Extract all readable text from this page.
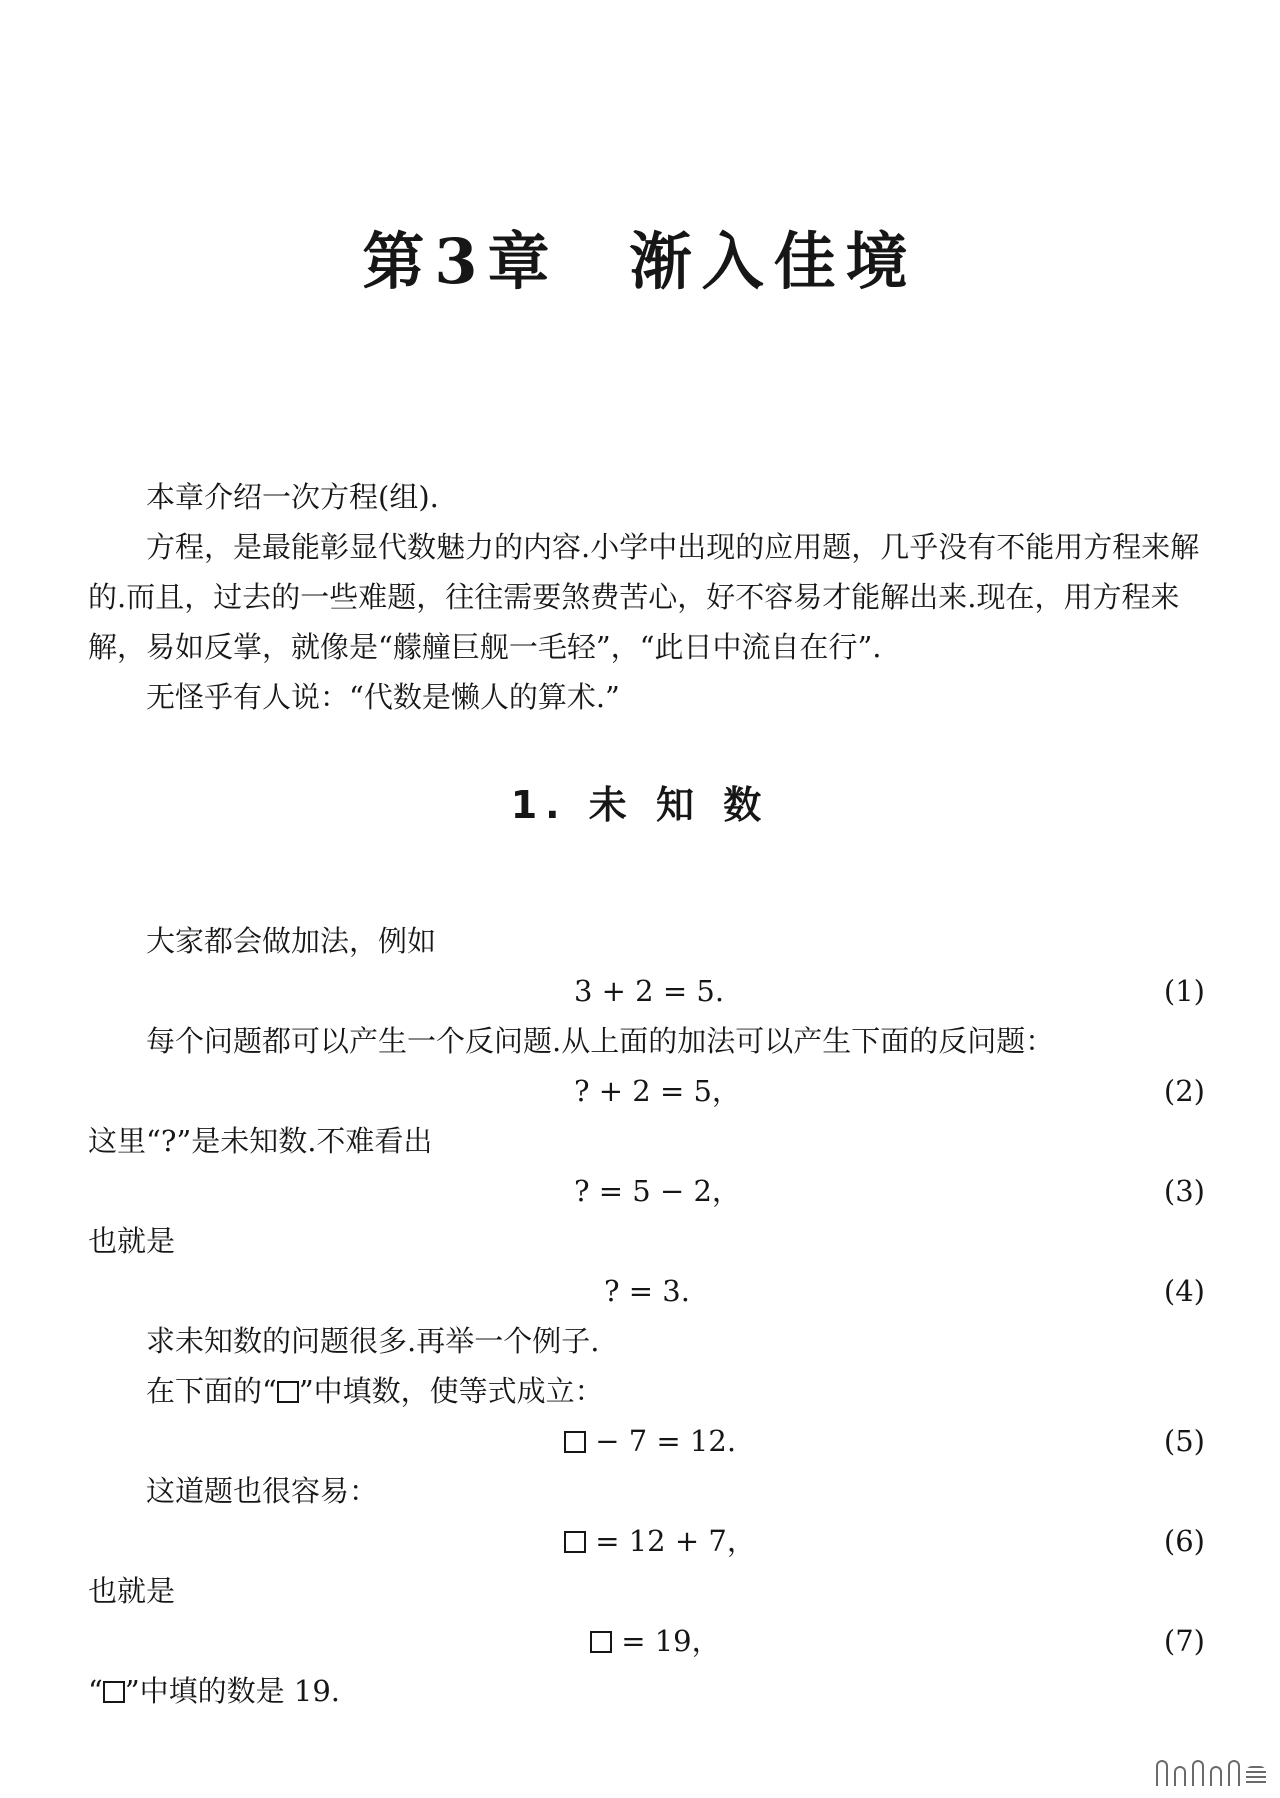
第3章 渐入佳境
本章介绍一次方程(组).
方程，是最能彰显代数魅力的内容.小学中出现的应用题，几乎没有不能用方程来解的.而且，过去的一些难题，往往需要煞费苦心，好不容易才能解出来.现在，用方程来解，易如反掌，就像是“艨艟巨舰一毛轻”，“此日中流自在行”.
无怪乎有人说：“代数是懒人的算术.”
1. 未 知 数
大家都会做加法，例如
3 + 2 = 5.	(1)
每个问题都可以产生一个反问题.从上面的加法可以产生下面的反问题：
? + 2 = 5，	(2)
这里“?”是未知数.不难看出
? = 5 − 2，	(3)
也就是
? = 3.	(4)
求未知数的问题很多.再举一个例子.
在下面的“ ”中填数，使等式成立：
− 7 = 12.	(5)
这道题也很容易：
= 12 + 7，	(6)
也就是
= 19，	(7)
“ ”中填的数是 19.
